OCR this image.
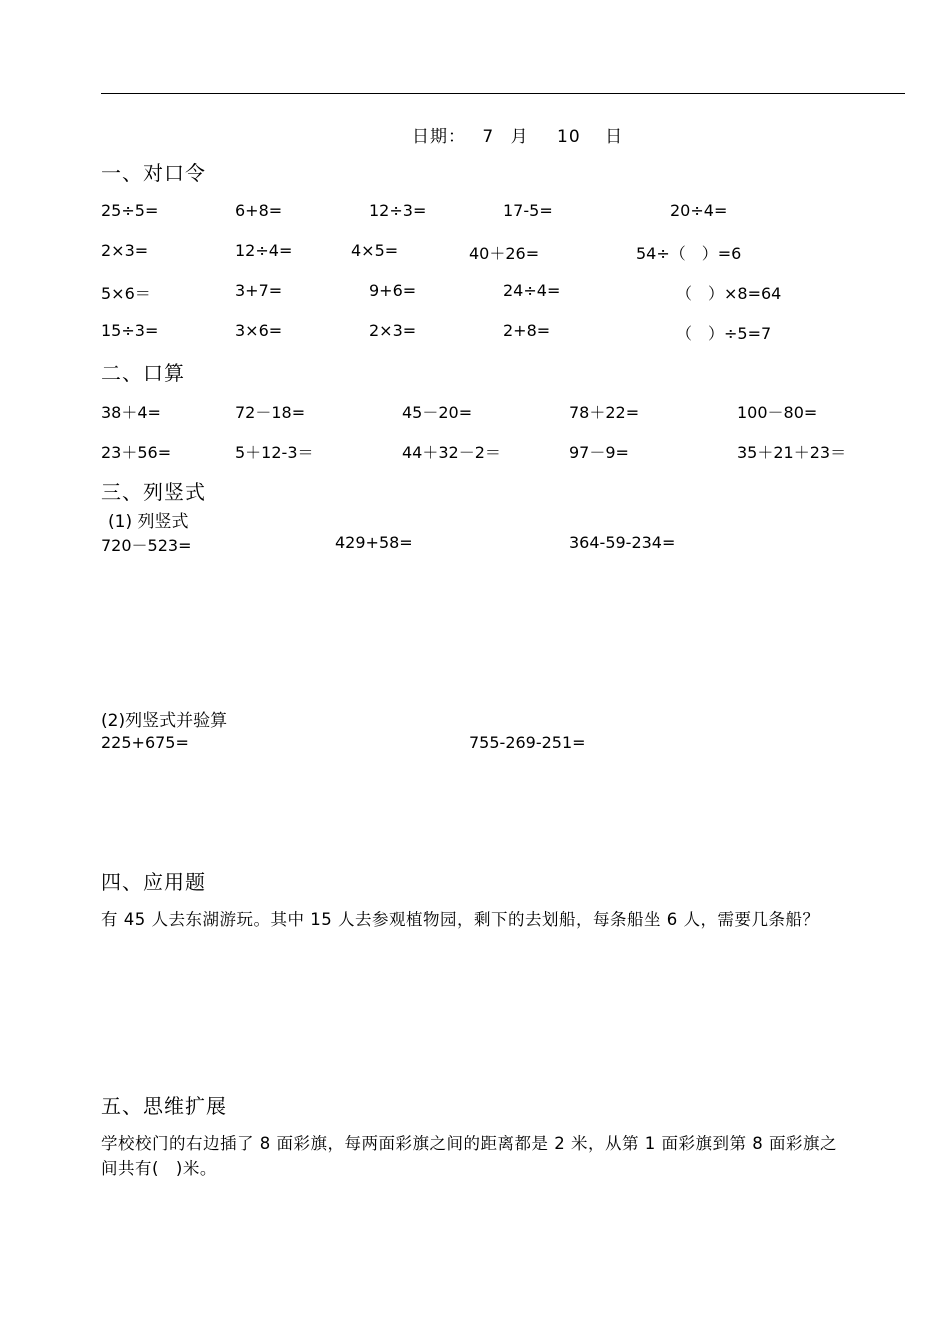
日期： 7 月 10 日
一、对口令
25÷5=	6+8=	12÷3=	17-5=	20÷4=
2×3=	12÷4=	4×5=	40＋26=	54÷（　）=6
5×6＝	3+7=	9+6=	24÷4=	（　）×8=64
15÷3=	3×6=	2×3=	2+8=	（　）÷5=7
二、口算
38＋4=	72－18=	45－20=	78＋22=	100－80=
23＋56=	5＋12-3＝	44＋32－2＝	97－9=	35＋21＋23＝
三、列竖式
(1) 列竖式
720－523=	429+58=	364-59-234=
(2)列竖式并验算
225+675=	755-269-251=
四、应用题
有 45 人去东湖游玩。其中 15 人去参观植物园，剩下的去划船，每条船坐 6 人，需要几条船？
五、思维扩展
学校校门的右边插了 8 面彩旗，每两面彩旗之间的距离都是 2 米，从第 1 面彩旗到第 8 面彩旗之
间共有(　)米。
